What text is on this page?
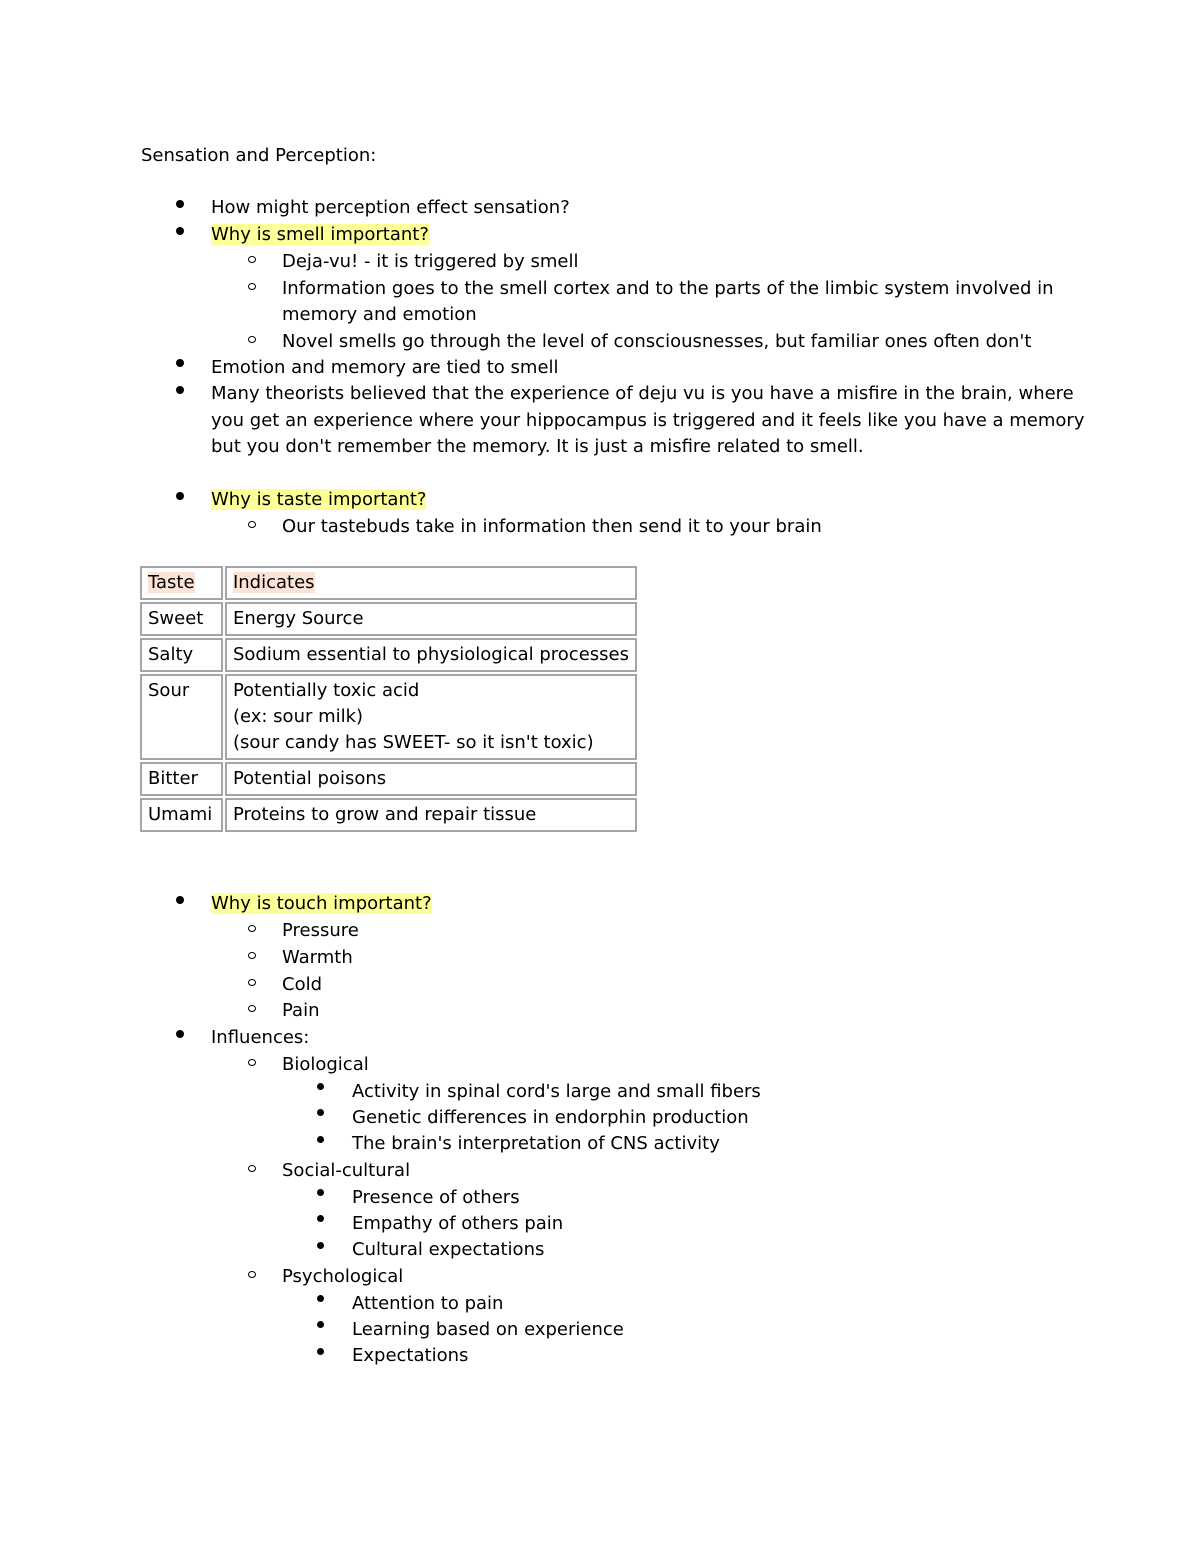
Sensation and Perception:
How might perception effect sensation?
Why is smell important?
Deja-vu! - it is triggered by smell
Information goes to the smell cortex and to the parts of the limbic system involved in
memory and emotion
Novel smells go through the level of consciousnesses, but familiar ones often don't
Emotion and memory are tied to smell
Many theorists believed that the experience of deju vu is you have a misfire in the brain, where
you get an experience where your hippocampus is triggered and it feels like you have a memory
but you don't remember the memory. It is just a misfire related to smell.
Why is taste important?
Our tastebuds take in information then send it to your brain
Taste	Indicates
Sweet	Energy Source
Salty	Sodium essential to physiological processes
Sour	Potentially toxic acid
(ex: sour milk)
(sour candy has SWEET- so it isn't toxic)

Bitter	Potential poisons
Umami	Proteins to grow and repair tissue
Why is touch important?
Pressure
Warmth
Cold
Pain
Influences:
Biological
Activity in spinal cord's large and small fibers
Genetic differences in endorphin production
The brain's interpretation of CNS activity
Social-cultural
Presence of others
Empathy of others pain
Cultural expectations
Psychological
Attention to pain
Learning based on experience
Expectations
